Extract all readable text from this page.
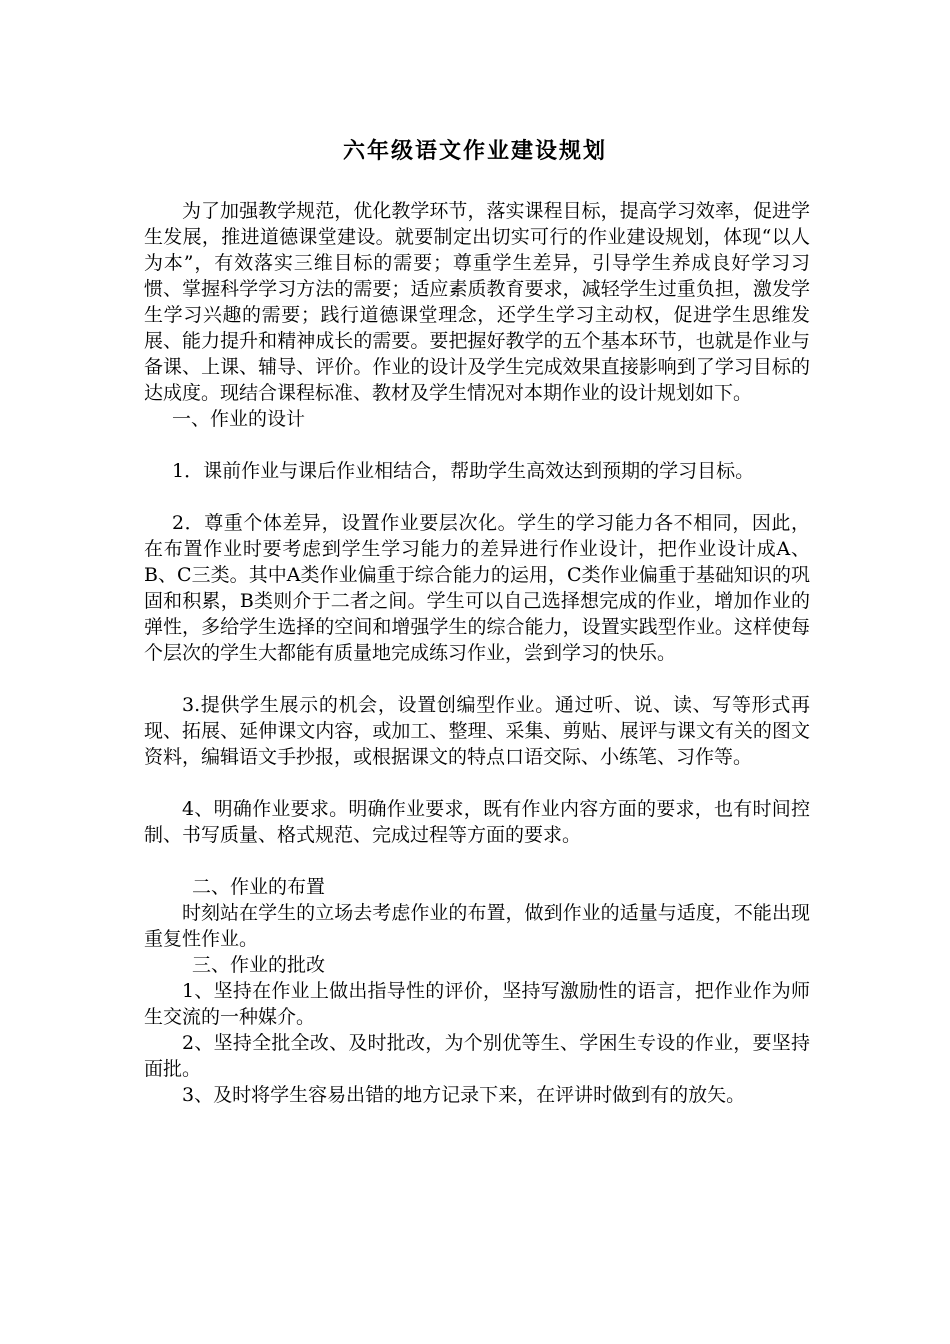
六年级语文作业建设规划

为了加强教学规范，优化教学环节，落实课程目标，提高学习效率，促进学生发展，推进道德课堂建设。就要制定出切实可行的作业建设规划，体现“以人为本”，有效落实三维目标的需要；尊重学生差异，引导学生养成良好学习习惯、掌握科学学习方法的需要；适应素质教育要求，减轻学生过重负担，激发学生学习兴趣的需要；践行道德课堂理念，还学生学习主动权，促进学生思维发展、能力提升和精神成长的需要。要把握好教学的五个基本环节，也就是作业与备课、上课、辅导、评价。作业的设计及学生完成效果直接影响到了学习目标的达成度。现结合课程标准、教材及学生情况对本期作业的设计规划如下。

一、作业的设计

1．课前作业与课后作业相结合，帮助学生高效达到预期的学习目标。

2．尊重个体差异，设置作业要层次化。学生的学习能力各不相同，因此，在布置作业时要考虑到学生学习能力的差异进行作业设计，把作业设计成A、B、C三类。其中A类作业偏重于综合能力的运用，C类作业偏重于基础知识的巩固和积累，B类则介于二者之间。学生可以自己选择想完成的作业，增加作业的弹性，多给学生选择的空间和增强学生的综合能力，设置实践型作业。这样使每个层次的学生大都能有质量地完成练习作业，尝到学习的快乐。

3.提供学生展示的机会，设置创编型作业。通过听、说、读、写等形式再现、拓展、延伸课文内容，或加工、整理、采集、剪贴、展评与课文有关的图文资料，编辑语文手抄报，或根据课文的特点口语交际、小练笔、习作等。

4、明确作业要求。明确作业要求，既有作业内容方面的要求，也有时间控制、书写质量、格式规范、完成过程等方面的要求。

二、作业的布置

时刻站在学生的立场去考虑作业的布置，做到作业的适量与适度，不能出现重复性作业。

三、作业的批改

1、坚持在作业上做出指导性的评价，坚持写激励性的语言，把作业作为师生交流的一种媒介。

2、坚持全批全改、及时批改，为个别优等生、学困生专设的作业，要坚持面批。

3、及时将学生容易出错的地方记录下来，在评讲时做到有的放矢。
